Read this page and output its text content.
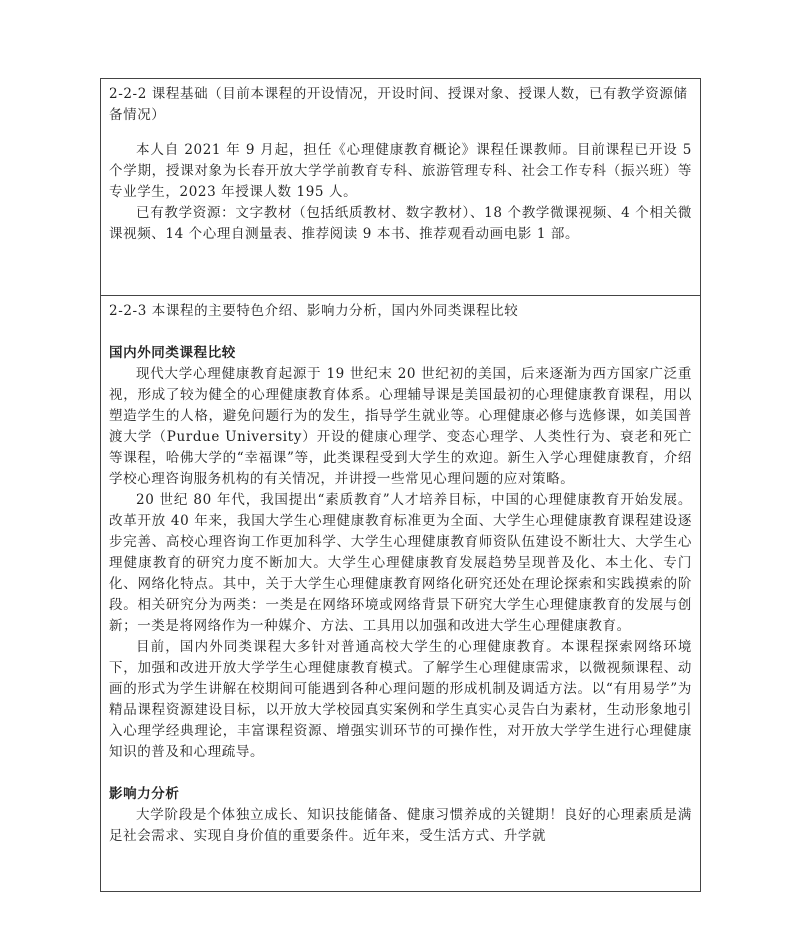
2-2-2 课程基础（目前本课程的开设情况，开设时间、授课对象、授课人数，已有教学资源储备情况）

本人自 2021 年 9 月起，担任《心理健康教育概论》课程任课教师。目前课程已开设 5 个学期，授课对象为长春开放大学学前教育专科、旅游管理专科、社会工作专科（振兴班）等专业学生，2023 年授课人数 195 人。

已有教学资源：文字教材（包括纸质教材、数字教材）、18 个教学微课视频、4 个相关微课视频、14 个心理自测量表、推荐阅读 9 本书、推荐观看动画电影 1 部。

2-2-3 本课程的主要特色介绍、影响力分析，国内外同类课程比较

国内外同类课程比较

现代大学心理健康教育起源于 19 世纪末 20 世纪初的美国，后来逐渐为西方国家广泛重视，形成了较为健全的心理健康教育体系。心理辅导课是美国最初的心理健康教育课程，用以塑造学生的人格，避免问题行为的发生，指导学生就业等。心理健康必修与选修课，如美国普渡大学（Purdue University）开设的健康心理学、变态心理学、人类性行为、衰老和死亡等课程，哈佛大学的“幸福课”等，此类课程受到大学生的欢迎。新生入学心理健康教育，介绍学校心理咨询服务机构的有关情况，并讲授一些常见心理问题的应对策略。

20 世纪 80 年代，我国提出“素质教育”人才培养目标，中国的心理健康教育开始发展。改革开放 40 年来，我国大学生心理健康教育标准更为全面、大学生心理健康教育课程建设逐步完善、高校心理咨询工作更加科学、大学生心理健康教育师资队伍建设不断壮大、大学生心理健康教育的研究力度不断加大。大学生心理健康教育发展趋势呈现普及化、本土化、专门化、网络化特点。其中，关于大学生心理健康教育网络化研究还处在理论探索和实践摸索的阶段。相关研究分为两类：一类是在网络环境或网络背景下研究大学生心理健康教育的发展与创新；一类是将网络作为一种媒介、方法、工具用以加强和改进大学生心理健康教育。

目前，国内外同类课程大多针对普通高校大学生的心理健康教育。本课程探索网络环境下，加强和改进开放大学学生心理健康教育模式。了解学生心理健康需求，以微视频课程、动画的形式为学生讲解在校期间可能遇到各种心理问题的形成机制及调适方法。以“有用易学”为精品课程资源建设目标，以开放大学校园真实案例和学生真实心灵告白为素材，生动形象地引入心理学经典理论，丰富课程资源、增强实训环节的可操作性，对开放大学学生进行心理健康知识的普及和心理疏导。

影响力分析

大学阶段是个体独立成长、知识技能储备、健康习惯养成的关键期！良好的心理素质是满足社会需求、实现自身价值的重要条件。近年来，受生活方式、升学就
